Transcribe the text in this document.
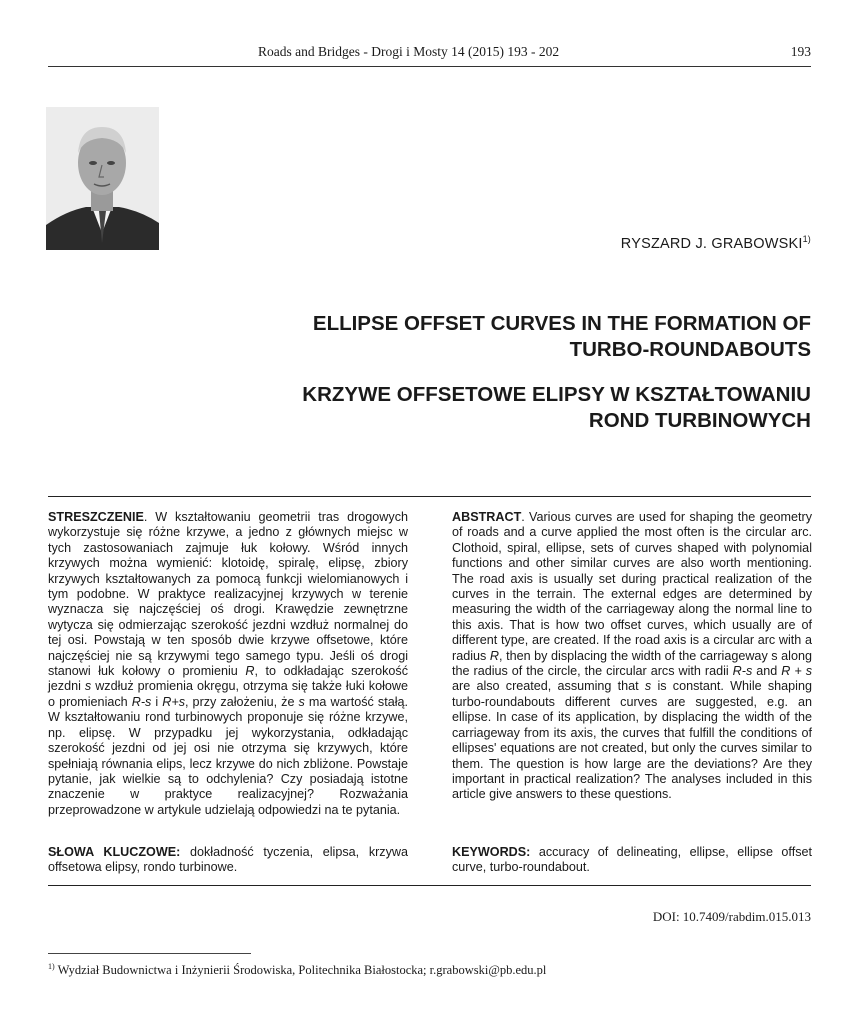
Roads and Bridges - Drogi i Mosty 14 (2015) 193 - 202	193
RYSZARD J. GRABOWSKI$^{1)}$
ELLIPSE OFFSET CURVES IN THE FORMATION OF
TURBO-ROUNDABOUTS
KRZYWE OFFSETOWE ELIPSY W KSZTAŁTOWANIU
ROND TURBINOWYCH
STRESZCZENIE. W kształtowaniu geometrii tras drogowych wykorzystuje się różne krzywe, a jedno z głównych miejsc w tych zastosowaniach zajmuje łuk kołowy. Wśród innych krzywych można wymienić: klotoidę, spiralę, elipsę, zbiory krzywych kształtowanych za pomocą funkcji wielomianowych i tym podobne. W praktyce realizacyjnej krzywych w terenie wyznacza się najczęściej oś drogi. Krawędzie zewnętrzne wytycza się odmierzając szerokość jezdni wzdłuż normalnej do tej osi. Powstają w ten sposób dwie krzywe offsetowe, które najczęściej nie są krzywymi tego samego typu. Jeśli oś drogi stanowi łuk kołowy o promieniu R, to odkładając szerokość jezdni s wzdłuż promienia okręgu, otrzyma się także łuki kołowe o promieniach R-s i R+s, przy założeniu, że s ma wartość stałą. W kształtowaniu rond turbinowych proponuje się różne krzywe, np. elipsę. W przypadku jej wykorzystania, odkładając szerokość jezdni od jej osi nie otrzyma się krzywych, które spełniają równania elips, lecz krzywe do nich zbliżone. Powstaje pytanie, jak wielkie są to odchylenia? Czy posiadają istotne znaczenie w praktyce realizacyjnej? Rozważania przeprowadzone w artykule udzielają odpowiedzi na te pytania.
ABSTRACT. Various curves are used for shaping the geometry of roads and a curve applied the most often is the circular arc. Clothoid, spiral, ellipse, sets of curves shaped with polynomial functions and other similar curves are also worth mentioning. The road axis is usually set during practical realization of the curves in the terrain. The external edges are determined by measuring the width of the carriageway along the normal line to this axis. That is how two offset curves, which usually are of different type, are created. If the road axis is a circular arc with a radius R, then by displacing the width of the carriageway s along the radius of the circle, the circular arcs with radii R-s and R + s are also created, assuming that s is constant. While shaping turbo-roundabouts different curves are suggested, e.g. an ellipse. In case of its application, by displacing the width of the carriageway from its axis, the curves that fulfill the conditions of ellipses' equations are not created, but only the curves similar to them. The question is how large are the deviations? Are they important in practical realization? The analyses included in this article give answers to these questions.
SŁOWA KLUCZOWE: dokładność tyczenia, elipsa, krzywa offsetowa elipsy, rondo turbinowe.
KEYWORDS: accuracy of delineating, ellipse, ellipse offset curve, turbo-roundabout.
DOI: 10.7409/rabdim.015.013
$^{1)}$ Wydział Budownictwa i Inżynierii Środowiska, Politechnika Białostocka; r.grabowski@pb.edu.pl
